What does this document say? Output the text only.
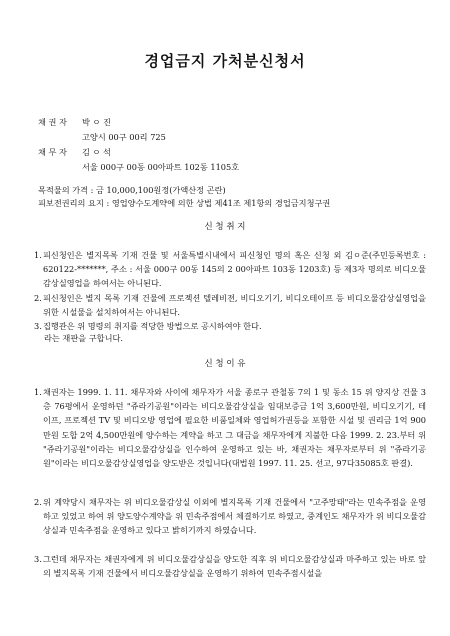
경업금지 가처분신청서
채 권 자 박 ㅇ 진
고양시 00구 00리 725
채 무 자 김 ㅇ 석
서울 000구 00동 00아파트 102동 1105호
목적물의 가격 : 금 10,000,100원정(가액산정 곤란)
피보전권리의 요지 : 영업양수도계약에 의한 상법 제41조 제1항의 경업금지청구권
신 청 취 지
1. 피신청인은 별지목록 기재 건물 및 서울특별시내에서 피신청인 명의 혹은 신청 외 김ㅇ준(주민등록번호 : 620122-*******, 주소 : 서울 000구 00동 145의 2 00아파트 103동 1203호) 등 제3자 명의로 비디오물감상실영업을 하여서는 아니된다.
2. 피신청인은 별지 목록 기재 건물에 프로젝션 텔레비젼, 비디오기기, 비디오테이프 등 비디오물감상실영업을 위한 시설물을 설치하여서는 아니된다.
3. 집행관은 위 명령의 취지를 적당한 방법으로 공시하여야 한다.
라는 재판을 구합니다.
신 청 이 유
1. 채권자는 1999. 1. 11. 채무자와 사이에 채무자가 서울 종로구 관철동 7의 1 및 동소 15 위 양지상 건물 3층 76평에서 운영하던 "쥬라기공원"이라는 비디오물감상실을 임대보증금 1억 3,600만원, 비디오기기, 테이프, 프로젝션 TV 및 비디오방 영업에 필요한 비품일체와 영업허가권등을 포함한 시설 및 권리금 1억 900만원 도합 2억 4,500만원에 양수하는 계약을 하고 그 대금을 채무자에게 지불한 다음 1999. 2. 23.부터 위 "쥬라기공원"이라는 비디오물감상실을 인수하여 운영하고 있는 바, 채권자는 채무자로부터 위 "쥬라기공원"이라는 비디오물감상실영업을 양도받은 것입니다(대법원 1997. 11. 25. 선고, 97다35085호 판결).
2. 위 계약당시 채무자는 위 비디오물감상실 이외에 별지목록 기재 건물에서 "고주망태"라는 민속주점을 운영하고 있었고 하여 위 양도양수계약을 위 민속주점에서 체결하기로 하였고, 중계인도 채무자가 위 비디오물감상실과 민속주점을 운영하고 있다고 밝히기까지 하였습니다.
3. 그런데 채무자는 채권자에게 위 비디오물감상실을 양도한 직후 위 비디오물감상실과 마주하고 있는 바로 앞의 별지목록 기재 건물에서 비디오물감상실을 운영하기 위하여 민속주점시설을
